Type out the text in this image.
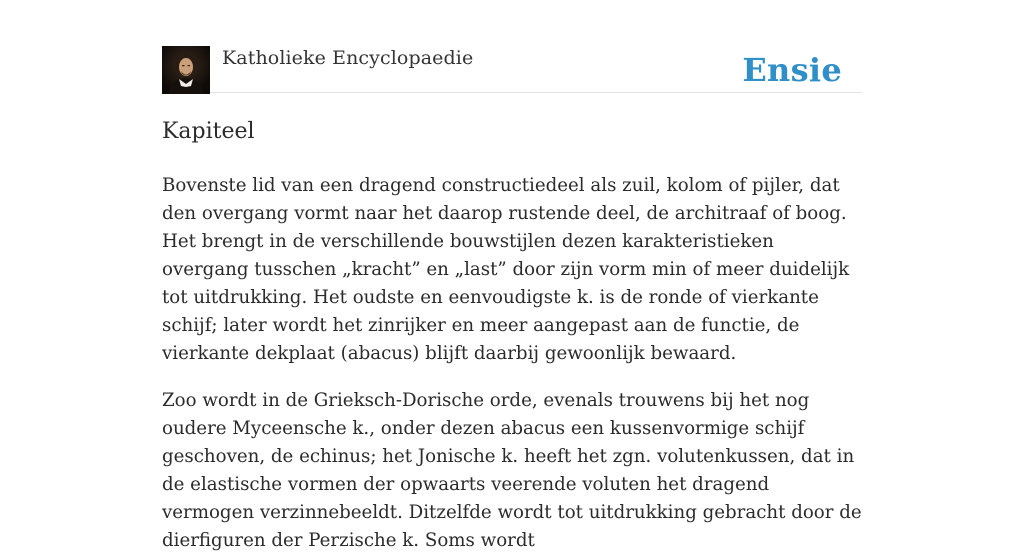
Katholieke Encyclopaedie	Ensie
Kapiteel

Bovenste lid van een dragend constructiedeel als zuil, kolom of pijler, dat den overgang vormt naar het daarop rustende deel, de architraaf of boog. Het brengt in de verschillende bouwstijlen dezen karakteristieken overgang tusschen „kracht” en „last” door zijn vorm min of meer duidelijk tot uitdrukking. Het oudste en eenvoudigste k. is de ronde of vierkante schijf; later wordt het zinrijker en meer aangepast aan de functie, de vierkante dekplaat (abacus) blijft daarbij gewoonlijk bewaard.

Zoo wordt in de Grieksch-Dorische orde, evenals trouwens bij het nog oudere Myceensche k., onder dezen abacus een kussenvormige schijf geschoven, de echinus; het Jonische k. heeft het zgn. volutenkussen, dat in de elastische vormen der opwaarts veerende voluten het dragend vermogen verzinnebeeldt. Ditzelfde wordt tot uitdrukking gebracht door de dierfiguren der Perzische k. Soms wordt
